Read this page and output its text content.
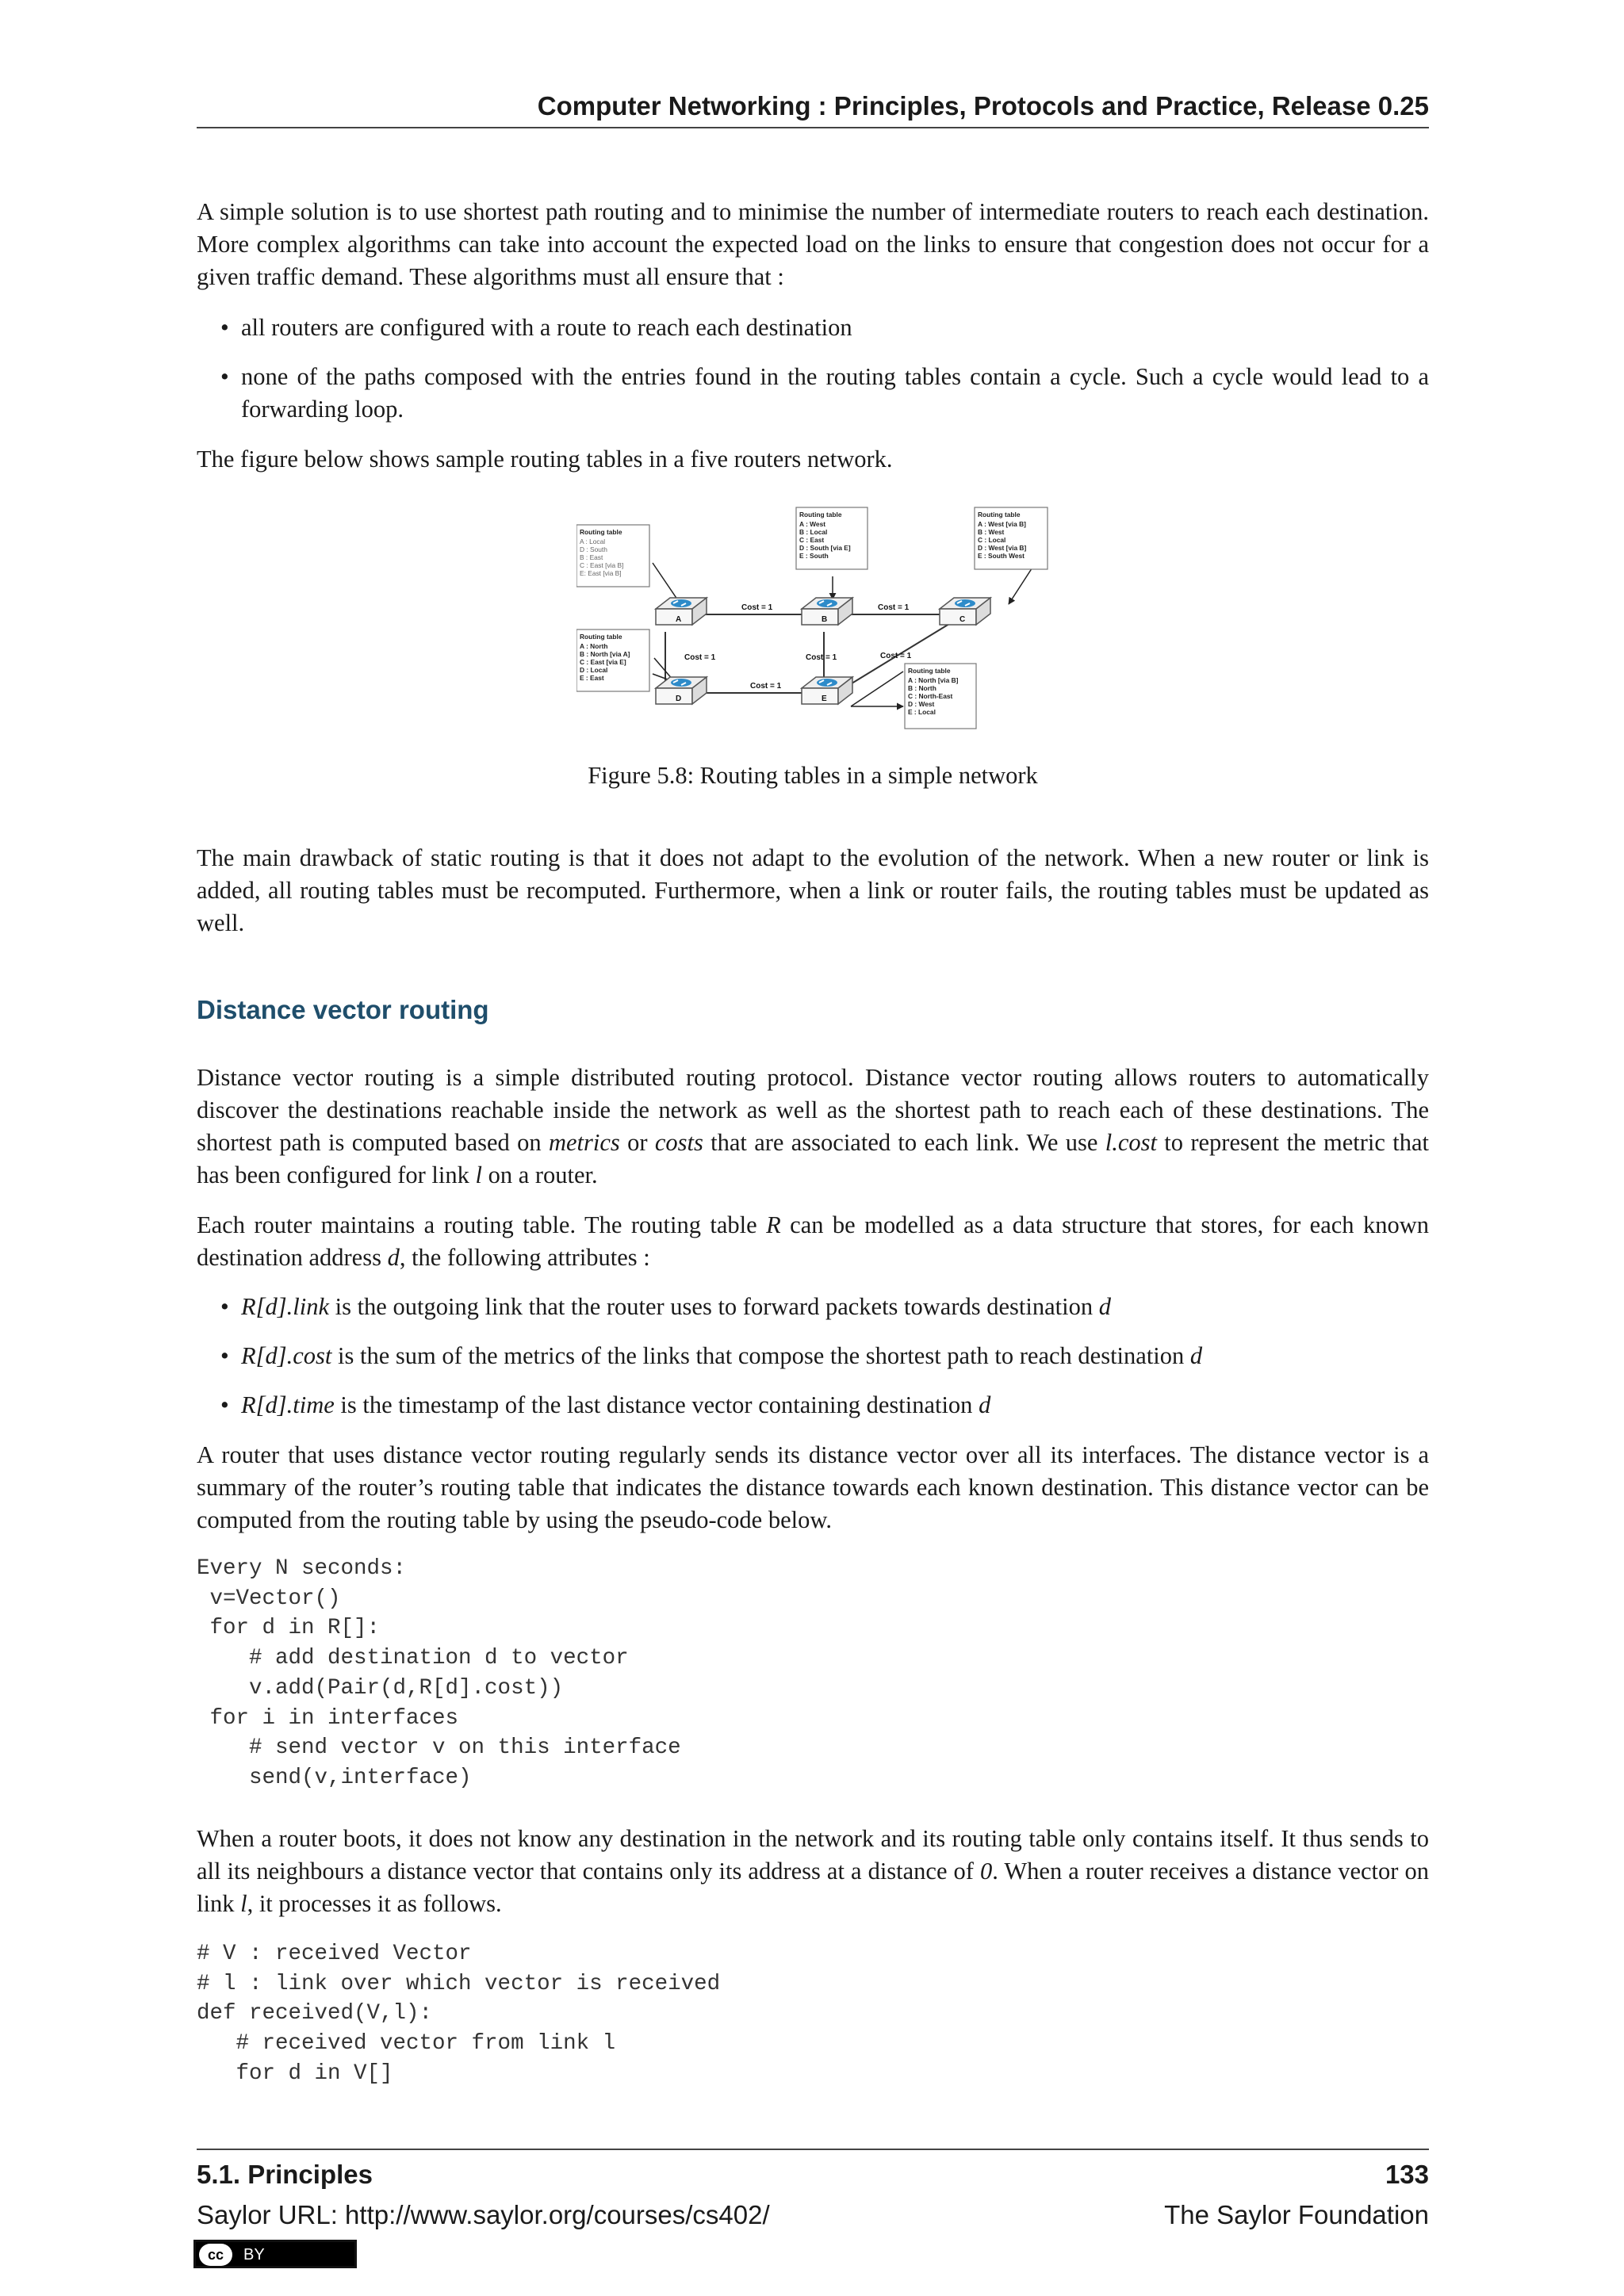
Computer Networking : Principles, Protocols and Practice, Release 0.25

A simple solution is to use shortest path routing and to minimise the number of intermediate routers to reach each destination. More complex algorithms can take into account the expected load on the links to ensure that congestion does not occur for a given traffic demand. These algorithms must all ensure that :

• all routers are configured with a route to reach each destination
• none of the paths composed with the entries found in the routing tables contain a cycle. Such a cycle would lead to a forwarding loop.

The figure below shows sample routing tables in a five routers network.

A	B	C
D	E
Cost = 1	Cost = 1
Cost = 1	Cost = 1
Cost = 1
Cost = 1
Routing table
A : Local
D : South
B : East
C : East [via B]
E: East [via B]
Routing table
A : West
B : Local
C : East
D : South [via E]
E : South
Routing table
A : West [via B]
B : West
C : Local
D : West [via B]
E : South West
Routing table
A : North
B : North [via A]
C : East [via E]
D : Local
E : East
Routing table
A : North [via B]
B : North
C : North-East
D : West
E : Local
Figure 5.8: Routing tables in a simple network

The main drawback of static routing is that it does not adapt to the evolution of the network. When a new router or link is added, all routing tables must be recomputed. Furthermore, when a link or router fails, the routing tables must be updated as well.

Distance vector routing

Distance vector routing is a simple distributed routing protocol. Distance vector routing allows routers to automatically discover the destinations reachable inside the network as well as the shortest path to reach each of these destinations. The shortest path is computed based on metrics or costs that are associated to each link. We use l.cost to represent the metric that has been configured for link l on a router.

Each router maintains a routing table. The routing table R can be modelled as a data structure that stores, for each known destination address d, the following attributes :

• R[d].link is the outgoing link that the router uses to forward packets towards destination d
• R[d].cost is the sum of the metrics of the links that compose the shortest path to reach destination d
• R[d].time is the timestamp of the last distance vector containing destination d

A router that uses distance vector routing regularly sends its distance vector over all its interfaces. The distance vector is a summary of the router’s routing table that indicates the distance towards each known destination. This distance vector can be computed from the routing table by using the pseudo-code below.

Every N seconds:
v=Vector()
for d in R[]:
# add destination d to vector
v.add(Pair(d,R[d].cost))
for i in interfaces
# send vector v on this interface
send(v,interface)

When a router boots, it does not know any destination in the network and its routing table only contains itself. It thus sends to all its neighbours a distance vector that contains only its address at a distance of 0. When a router receives a distance vector on link l, it processes it as follows.

# V : received Vector
# l : link over which vector is received
def received(V,l):
# received vector from link l
for d in V[]
5.1. Principles	133
Saylor URL: http://www.saylor.org/courses/cs402/	The Saylor Foundation
cc	BY
